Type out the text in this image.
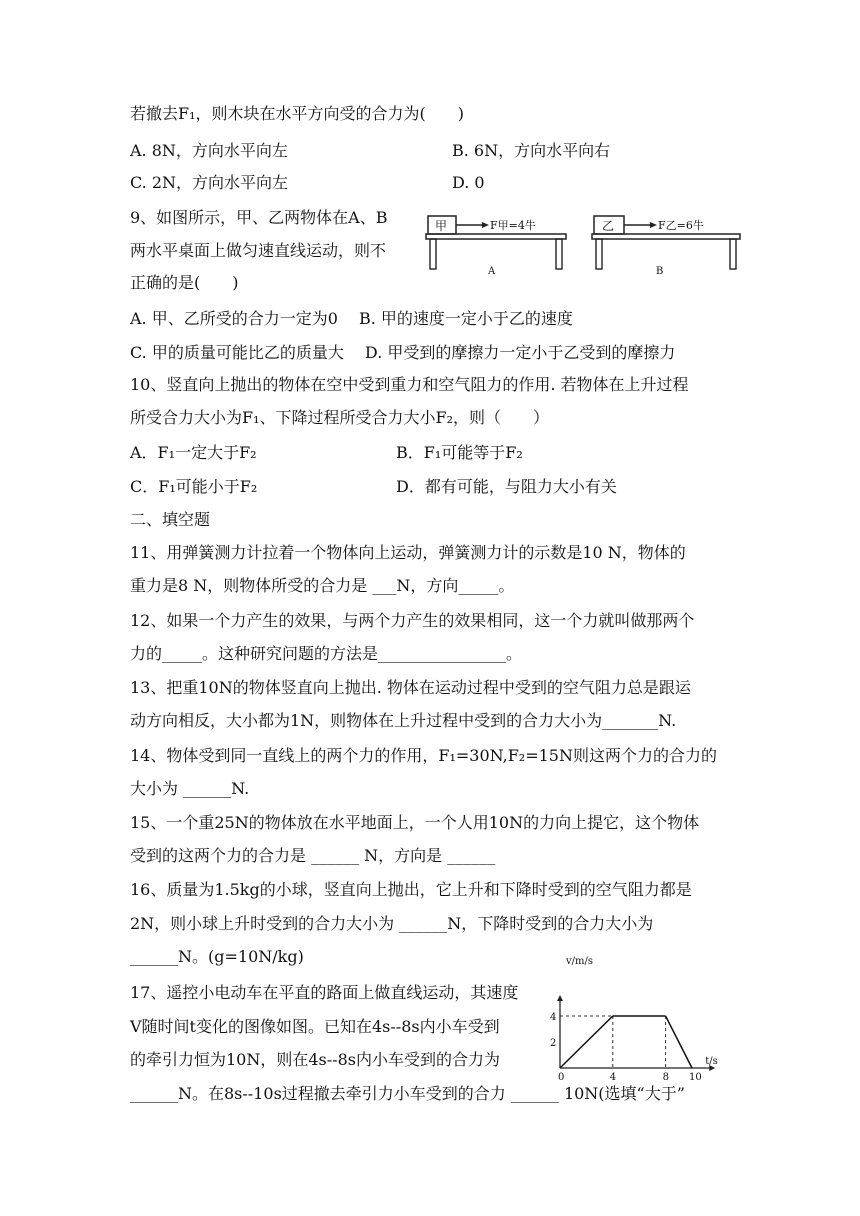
若撤去F₁，则木块在水平方向受的合力为(　　)
A. 8N，方向水平向左	B. 6N，方向水平向右
C. 2N，方向水平向左	D. 0
9、如图所示，甲、乙两物体在A、B
两水平桌面上做匀速直线运动，则不
正确的是(　　)
甲	F甲=4牛
A
乙	F乙=6牛
B
A. 甲、乙所受的合力一定为0　 B. 甲的速度一定小于乙的速度
C. 甲的质量可能比乙的质量大　 D. 甲受到的摩擦力一定小于乙受到的摩擦力
10、竖直向上抛出的物体在空中受到重力和空气阻力的作用. 若物体在上升过程
所受合力大小为F₁、下降过程所受合力大小F₂，则（　　）
A．F₁一定大于F₂	B．F₁可能等于F₂
C．F₁可能小于F₂	D．都有可能，与阻力大小有关
二、填空题
11、用弹簧测力计拉着一个物体向上运动，弹簧测力计的示数是10 N，物体的
重力是8 N，则物体所受的合力是 ___N，方向_____。
12、如果一个力产生的效果，与两个力产生的效果相同，这一个力就叫做那两个
力的_____。这种研究问题的方法是________________。
13、把重10N的物体竖直向上抛出. 物体在运动过程中受到的空气阻力总是跟运
动方向相反，大小都为1N，则物体在上升过程中受到的合力大小为_______N.
14、物体受到同一直线上的两个力的作用，F₁=30N,F₂=15N则这两个力的合力的
大小为 ______N.
15、一个重25N的物体放在水平地面上，一个人用10N的力向上提它，这个物体
受到的这两个力的合力是 ______ N，方向是 ______
16、质量为1.5kg的小球，竖直向上抛出，它上升和下降时受到的空气阻力都是
2N，则小球上升时受到的合力大小为 ______N，下降时受到的合力大小为
______N。(g=10N/kg)
17、遥控小电动车在平直的路面上做直线运动，其速度
V随时间t变化的图像如图。已知在4s--8s内小车受到
的牵引力恒为10N，则在4s--8s内小车受到的合力为
______N。在8s--10s过程撤去牵引力小车受到的合力 ______ 10N(选填“大于”
v/m/s
t/s
0	4	8 10
2
4
